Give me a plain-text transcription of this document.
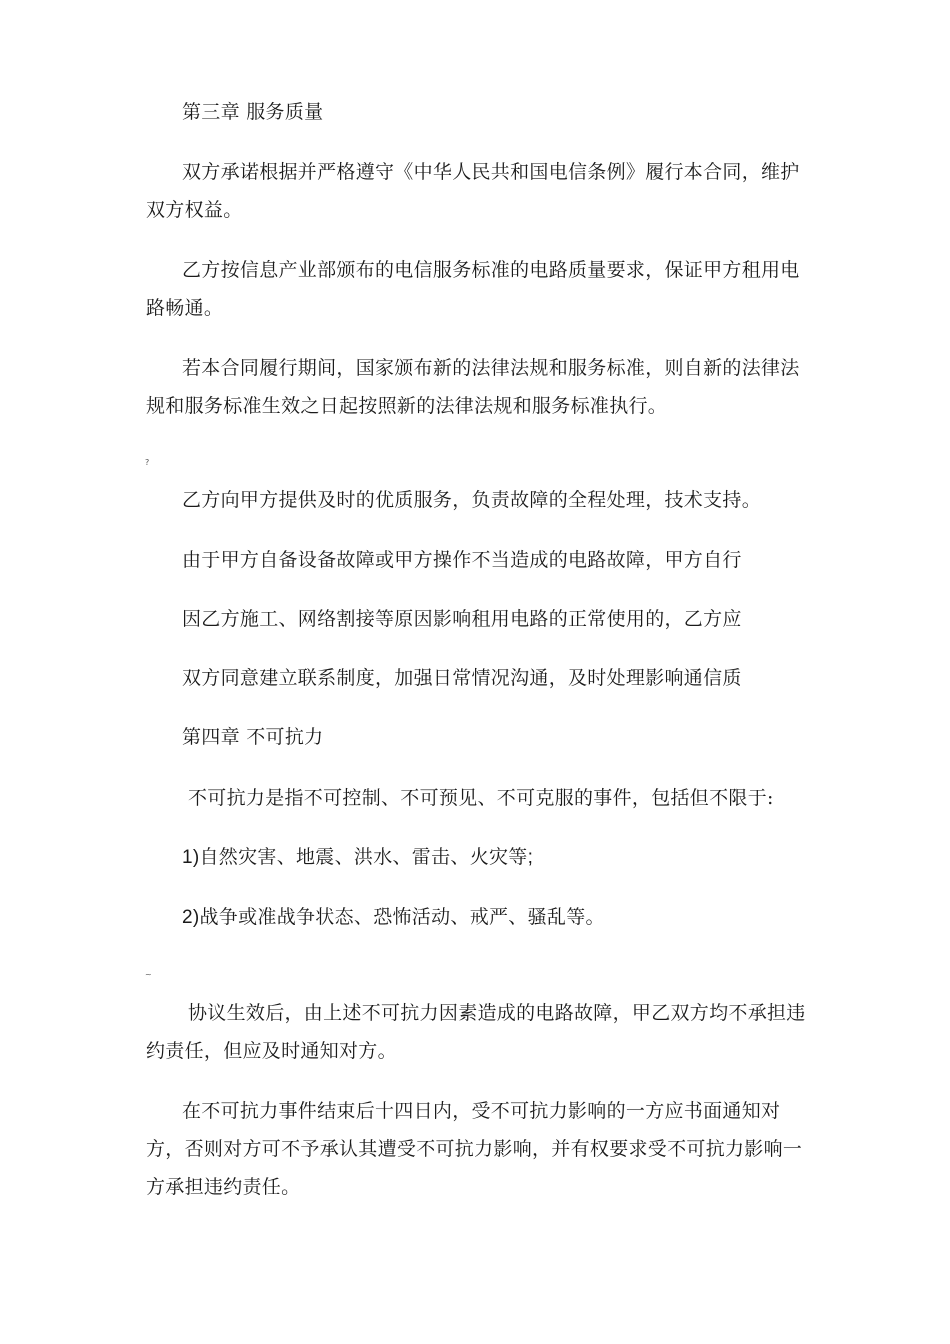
第三章 服务质量
双方承诺根据并严格遵守《中华人民共和国电信条例》履行本合同，维护
双方权益。
乙方按信息产业部颁布的电信服务标准的电路质量要求，保证甲方租用电
路畅通。
若本合同履行期间，国家颁布新的法律法规和服务标准，则自新的法律法
规和服务标准生效之日起按照新的法律法规和服务标准执行。
?
乙方向甲方提供及时的优质服务，负责故障的全程处理，技术支持。
由于甲方自备设备故障或甲方操作不当造成的电路故障，甲方自行
因乙方施工、网络割接等原因影响租用电路的正常使用的，乙方应
双方同意建立联系制度，加强日常情况沟通，及时处理影响通信质
第四章 不可抗力
不可抗力是指不可控制、不可预见、不可克服的事件，包括但不限于:
1)自然灾害、地震、洪水、雷击、火灾等;
2)战争或准战争状态、恐怖活动、戒严、骚乱等。
~
协议生效后，由上述不可抗力因素造成的电路故障，甲乙双方均不承担违
约责任，但应及时通知对方。
在不可抗力事件结束后十四日内，受不可抗力影响的一方应书面通知对
方，否则对方可不予承认其遭受不可抗力影响，并有权要求受不可抗力影响一
方承担违约责任。
